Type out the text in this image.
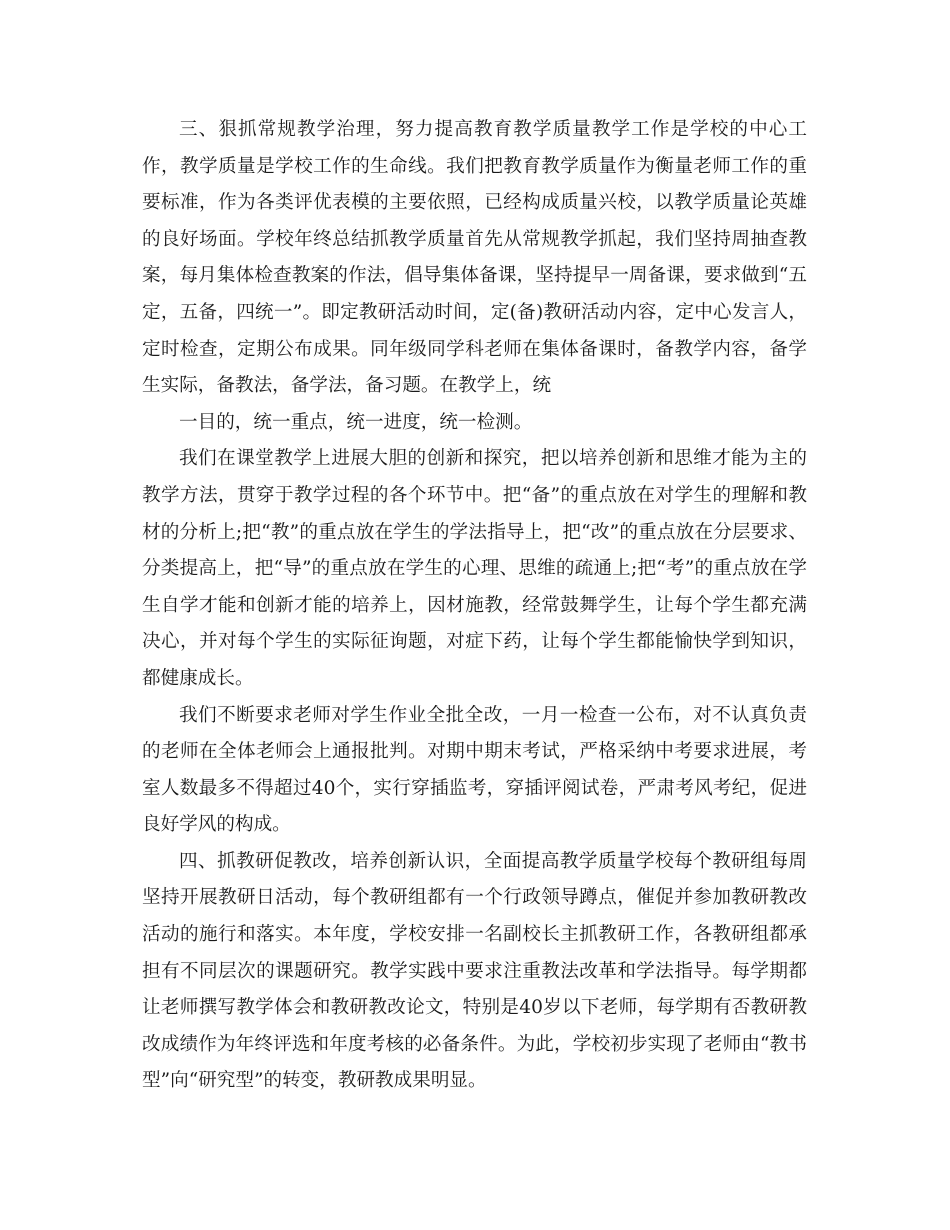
三、狠抓常规教学治理，努力提高教育教学质量教学工作是学校的中心工作，教学质量是学校工作的生命线。我们把教育教学质量作为衡量老师工作的重要标准，作为各类评优表模的主要依照，已经构成质量兴校，以教学质量论英雄的良好场面。学校年终总结抓教学质量首先从常规教学抓起，我们坚持周抽查教案，每月集体检查教案的作法，倡导集体备课，坚持提早一周备课，要求做到“五定，五备，四统一”。即定教研活动时间，定(备)教研活动内容，定中心发言人，定时检查，定期公布成果。同年级同学科老师在集体备课时，备教学内容，备学生实际，备教法，备学法，备习题。在教学上，统

一目的，统一重点，统一进度，统一检测。

我们在课堂教学上进展大胆的创新和探究，把以培养创新和思维才能为主的教学方法，贯穿于教学过程的各个环节中。把“备”的重点放在对学生的理解和教材的分析上;把“教”的重点放在学生的学法指导上，把“改”的重点放在分层要求、分类提高上，把“导”的重点放在学生的心理、思维的疏通上;把“考”的重点放在学生自学才能和创新才能的培养上，因材施教，经常鼓舞学生，让每个学生都充满决心，并对每个学生的实际征询题，对症下药，让每个学生都能愉快学到知识，都健康成长。

我们不断要求老师对学生作业全批全改，一月一检查一公布，对不认真负责的老师在全体老师会上通报批判。对期中期末考试，严格采纳中考要求进展，考室人数最多不得超过40个，实行穿插监考，穿插评阅试卷，严肃考风考纪，促进良好学风的构成。

四、抓教研促教改，培养创新认识，全面提高教学质量学校每个教研组每周坚持开展教研日活动，每个教研组都有一个行政领导蹲点，催促并参加教研教改活动的施行和落实。本年度，学校安排一名副校长主抓教研工作，各教研组都承担有不同层次的课题研究。教学实践中要求注重教法改革和学法指导。每学期都让老师撰写教学体会和教研教改论文，特别是40岁以下老师，每学期有否教研教改成绩作为年终评选和年度考核的必备条件。为此，学校初步实现了老师由“教书型”向“研究型”的转变，教研教成果明显。
